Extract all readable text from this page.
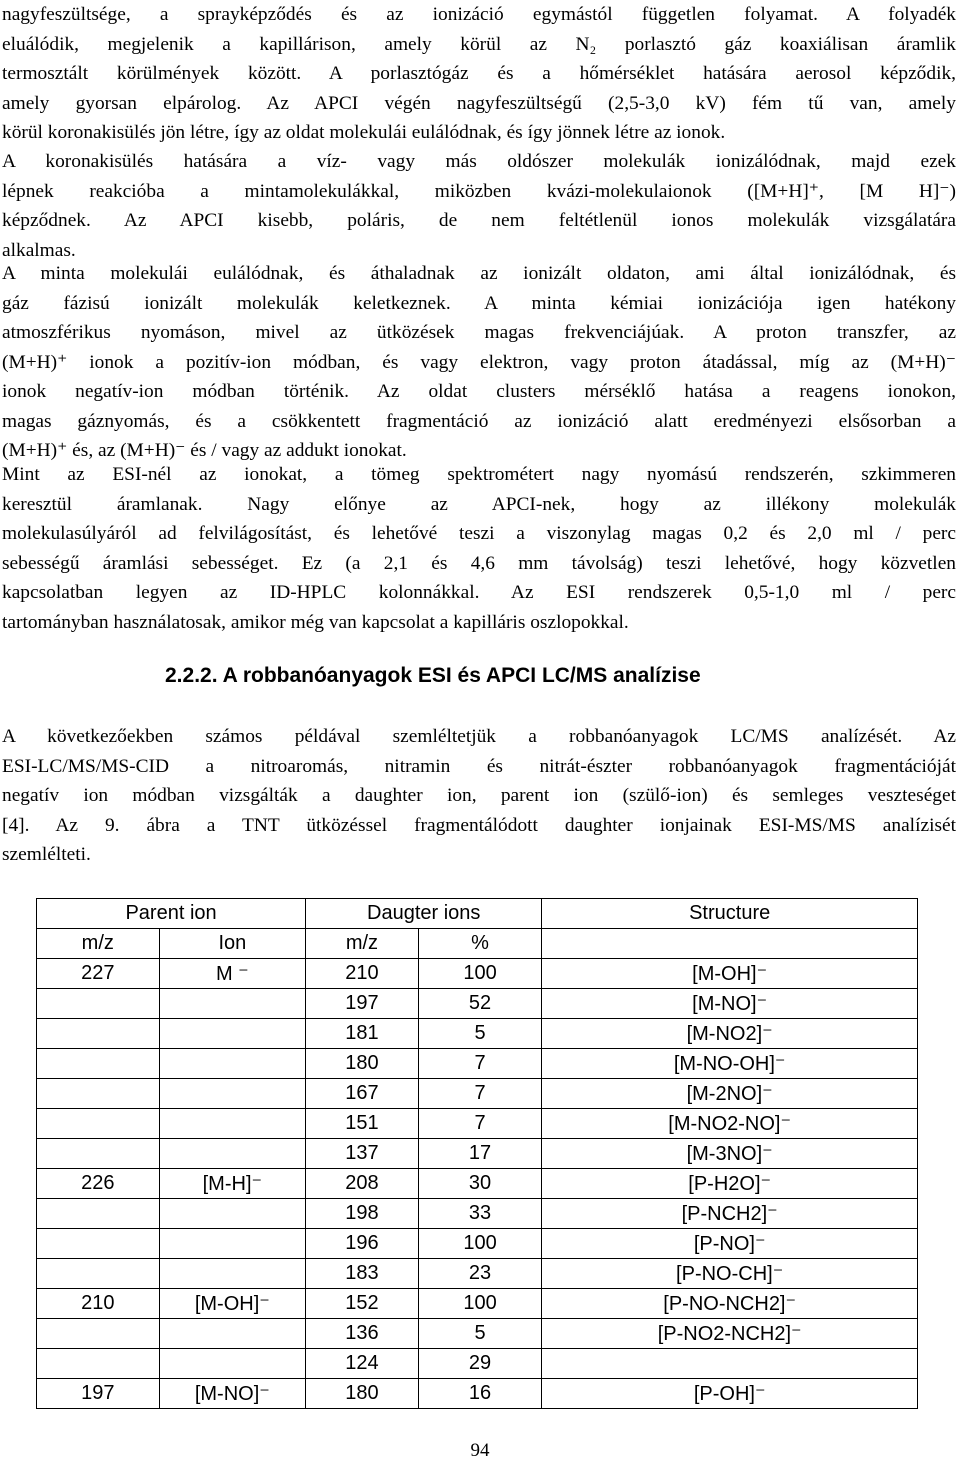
nagyfeszültsége, a sprayképződés és az ionizáció egymástól független folyamat. A folyadék
eluálódik, megjelenik a kapillárison, amely körül az N₂ porlasztó gáz koaxiálisan áramlik
termosztált körülmények között. A porlasztógáz és a hőmérséklet hatására aerosol képződik,
amely gyorsan elpárolog. Az APCI végén nagyfeszültségű (2,5-3,0 kV) fém tű van, amely
körül koronakisülés jön létre, így az oldat molekulái eulálódnak, és így jönnek létre az ionok.
A koronakisülés hatására a víz- vagy más oldószer molekulák ionizálódnak, majd ezek
lépnek reakcióba a mintamolekulákkal, miközben kvázi-molekulaionok ([M+H]⁺, [M H]⁻)
képződnek. Az APCI kisebb, poláris, de nem feltétlenül ionos molekulák vizsgálatára
alkalmas.
A minta molekulái eulálódnak, és áthaladnak az ionizált oldaton, ami által ionizálódnak, és
gáz fázisú ionizált molekulák keletkeznek. A minta kémiai ionizációja igen hatékony
atmoszférikus nyomáson, mivel az ütközések magas frekvenciájúak. A proton transzfer, az
(M+H)⁺ ionok a pozitív-ion módban, és vagy elektron, vagy proton átadással, míg az (M+H)⁻
ionok negatív-ion módban történik. Az oldat clusters mérséklő hatása a reagens ionokon,
magas gáznyomás, és a csökkentett fragmentáció az ionizáció alatt eredményezi elsősorban a
(M+H)⁺ és, az (M+H)⁻ és / vagy az addukt ionokat.
Mint az ESI-nél az ionokat, a tömeg spektrométert nagy nyomású rendszerén, szkimmeren
keresztül áramlanak. Nagy előnye az APCI-nek, hogy az illékony molekulák
molekulasúlyáról ad felvilágosítást, és lehetővé teszi a viszonylag magas 0,2 és 2,0 ml / perc
sebességű áramlási sebességet. Ez (a 2,1 és 4,6 mm távolság) teszi lehetővé, hogy közvetlen
kapcsolatban legyen az ID-HPLC kolonnákkal. Az ESI rendszerek 0,5-1,0 ml / perc
tartományban használatosak, amikor még van kapcsolat a kapilláris oszlopokkal.
A következőekben számos példával szemléltetjük a robbanóanyagok LC/MS analízését. Az
ESI-LC/MS/MS-CID a nitroaromás, nitramin és nitrát-észter robbanóanyagok fragmentációját
negatív ion módban vizsgálták a daughter ion, parent ion (szülő-ion) és semleges veszteséget
[4]. Az 9. ábra a TNT ütközéssel fragmentálódott daughter ionjainak ESI-MS/MS analízisét
szemlélteti.
2.2.2. A robbanóanyagok ESI és APCI LC/MS analízise
Parent ion		Daugter ions		Structure
m/z	Ion	m/z	%	
227	M ⁻	210	100	[M-OH]⁻
		197	52	[M-NO]⁻
		181	5	[M-NO2]⁻
		180	7	[M-NO-OH]⁻
		167	7	[M-2NO]⁻
		151	7	[M-NO2-NO]⁻
		137	17	[M-3NO]⁻
226	[M-H]⁻	208	30	[P-H2O]⁻
		198	33	[P-NCH2]⁻
		196	100	[P-NO]⁻
		183	23	[P-NO-CH]⁻
210	[M-OH]⁻	152	100	[P-NO-NCH2]⁻
		136	5	[P-NO2-NCH2]⁻
		124	29	
197	[M-NO]⁻	180	16	[P-OH]⁻
94
